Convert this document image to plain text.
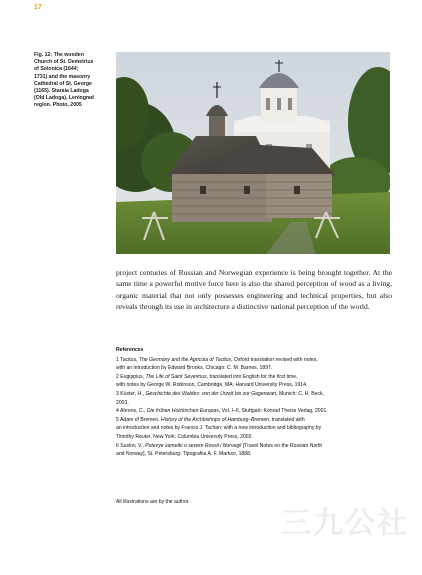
17
Fig. 12: The wooden
Church of St. Demetrius
of Solonica (1644;
1731) and the masonry
Cathedral of St. George
(1165). Staraia Ladoga
(Old Ladoga), Leningrad
region. Photo, 2005

project centuries of Russian and Norwegian experience is being brought together. At the same time a powerful motive force here is also the shared perception of wood as a living, organic material that not only possesses engineering and technical properties, but also reveals through its use in architecture a distinctive national perception of the world.

References
1 Tacitus, The Germany and the Agricola of Tacitus, Oxford translation revised with notes,
with an introduction by Edward Brooks, Chicago: C. M. Barnes, 1897.
2 Eugippius, The Life of Saint Severinus, translated into English for the first time,
with notes by George W. Robinson, Cambridge, MA: Harvard University Press, 1914.
3 Küster, H., Geschichte des Waldes: von der Urzeit bis zur Gegenwart, Munich: C. H. Beck,
2003.
4 Ahrens, C., Die frühen Holzkirchen Europas, Vol. I–II, Stuttgart: Konrad Theiss Verlag, 2001.
5 Adam of Bremen, History of the Archbishops of Hamburg–Bremen, translated with
an introduction and notes by Francis J. Tschan; with a new introduction and bibliography by
Timothy Reuter, New York: Columbia University Press, 2002.
6 Suslov, V., Putevye zametki o severe Rossii i Norvegii [Travel Notes on the Russian North
and Norway], St. Petersburg: Tipografiia A. F. Markso, 1888.
All illustrations are by the author.
三九公社
